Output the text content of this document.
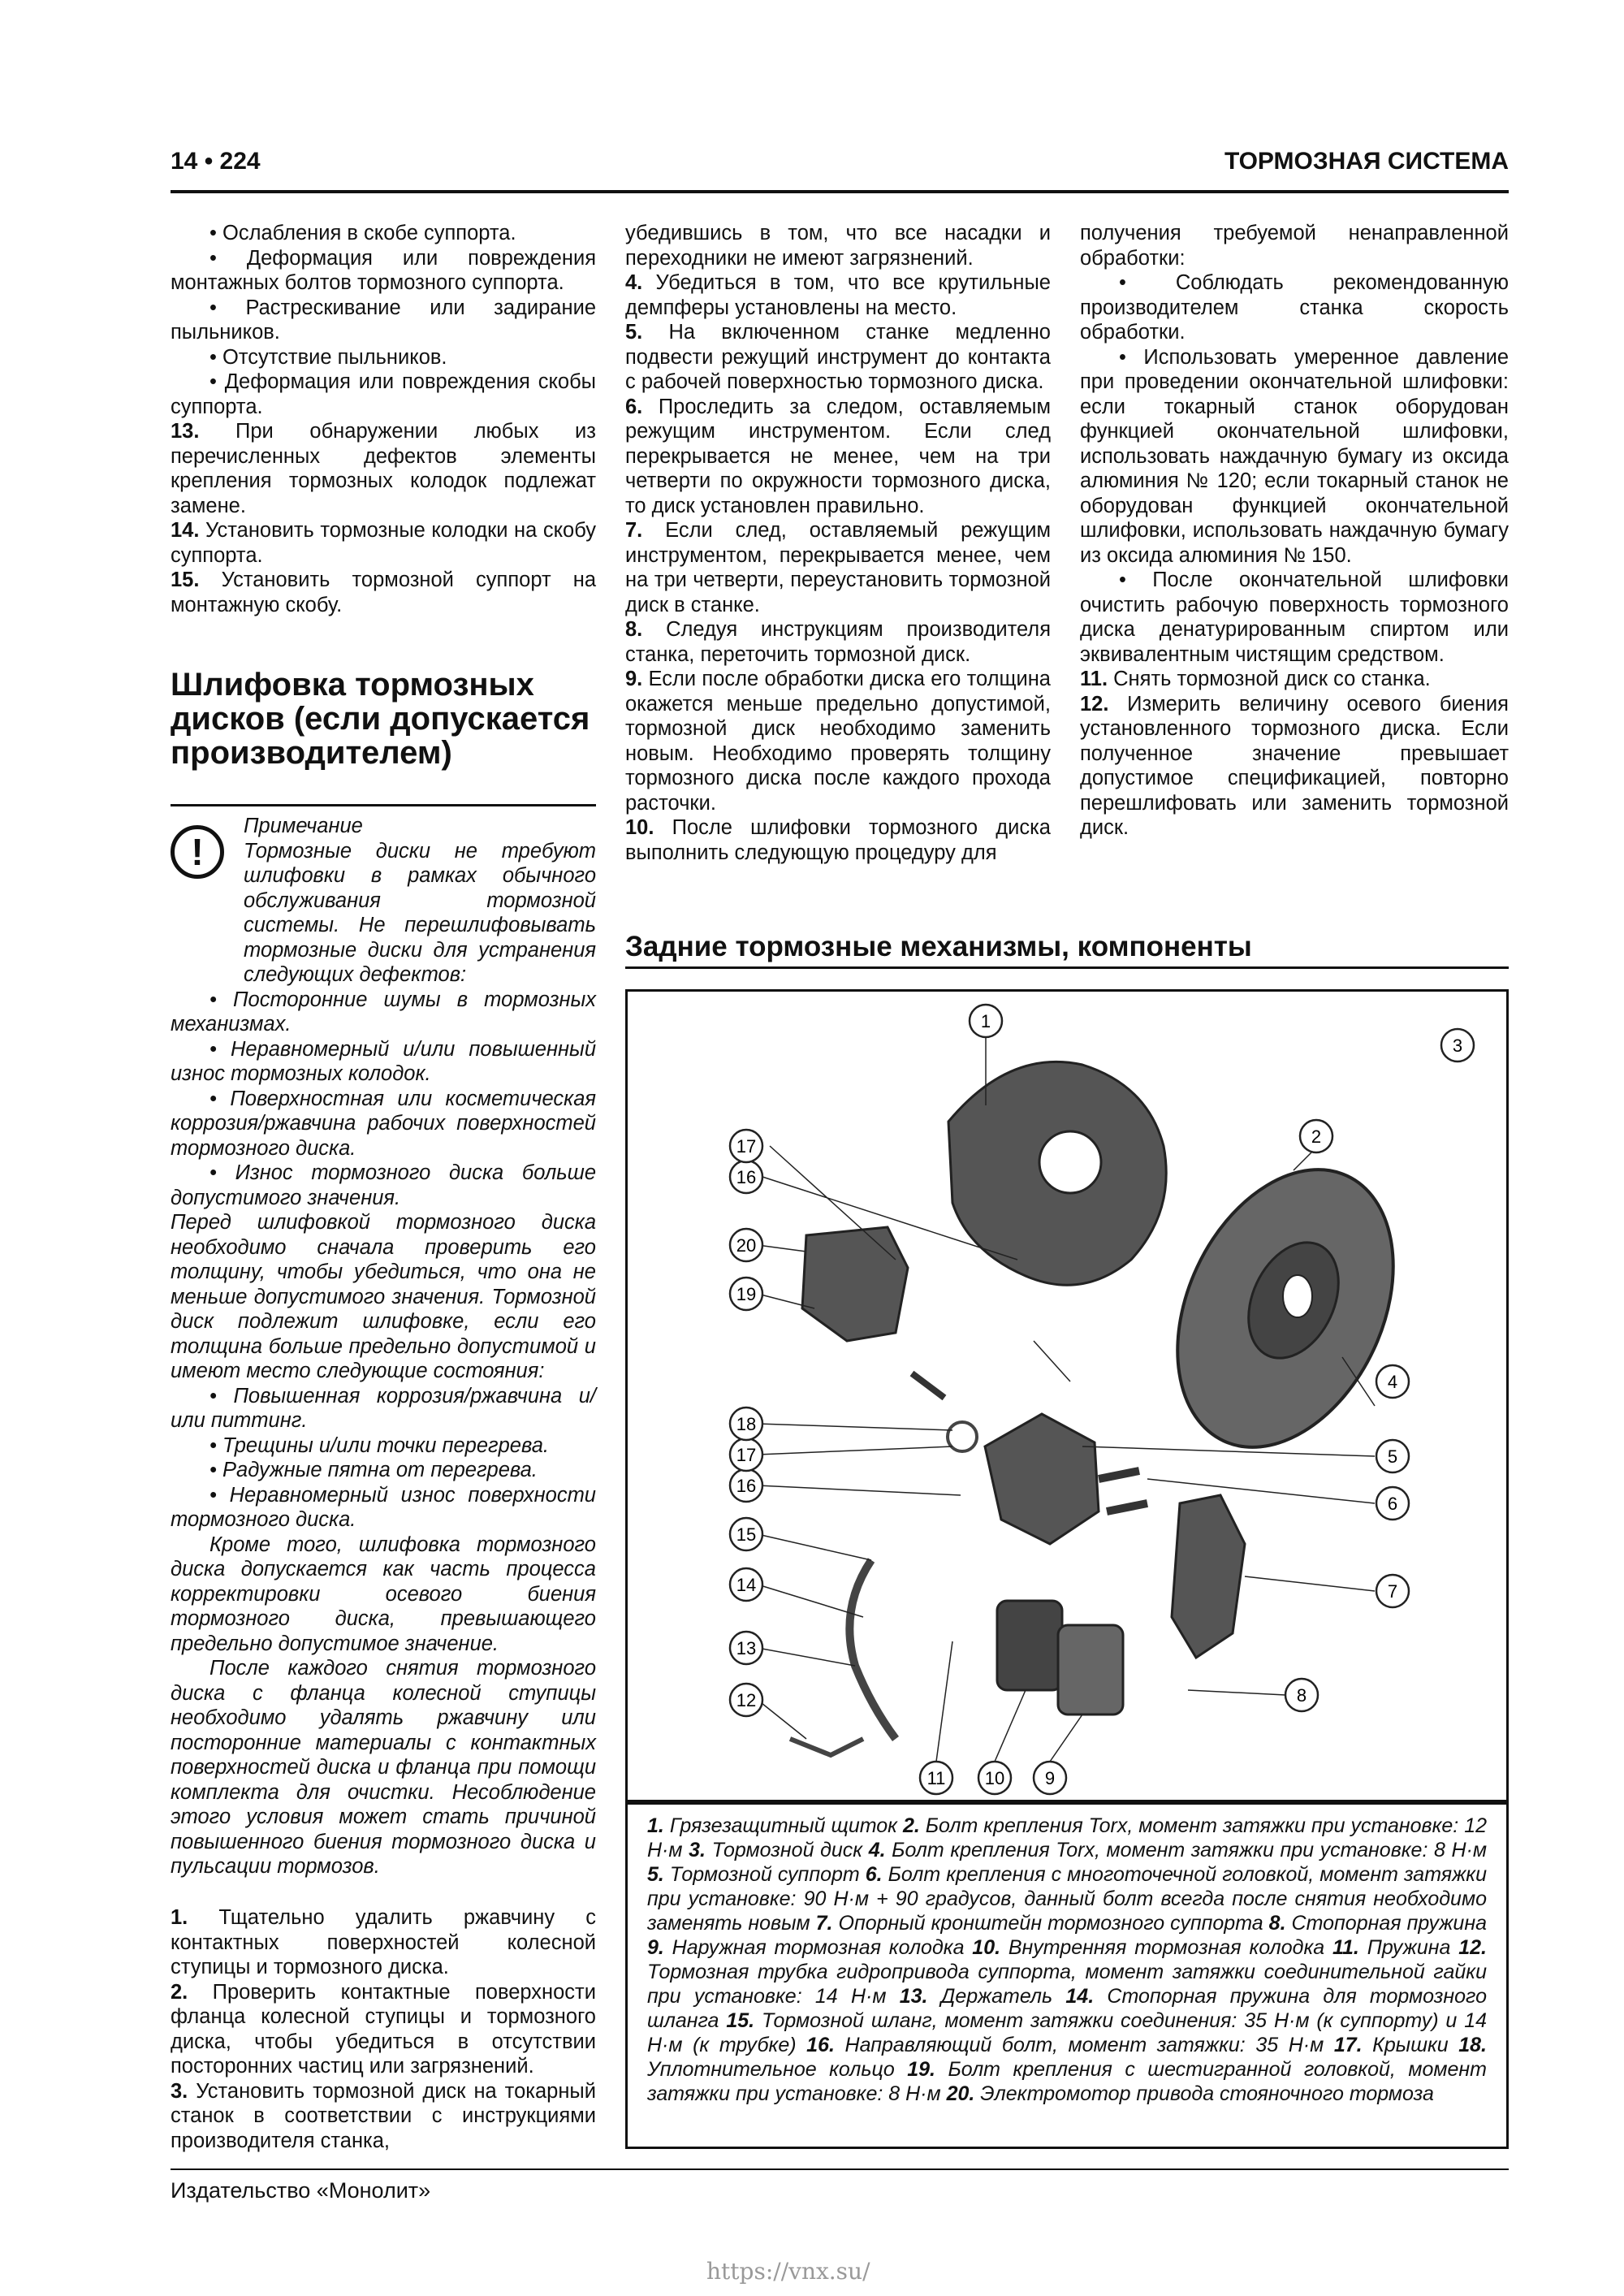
14 • 224	ТОРМОЗНАЯ СИСТЕМА

• Ослабления в скобе суппорта.

• Деформация или повреждения монтажных болтов тормозного суппорта.

• Растрескивание или задирание пыльников.

• Отсутствие пыльников.

• Деформация или повреждения скобы суппорта.

13. При обнаружении любых из перечисленных дефектов элементы крепления тормозных колодок подлежат замене.

14. Установить тормозные колодки на скобу суппорта.

15. Установить тормозной суппорт на монтажную скобу.

Шлифовка тормозных дисков (если допускается производителем)
!

Примечание

Тормозные диски не требуют шлифовки в рамках обычного обслуживания тормозной системы. Не перешлифовывать тормозные диски для устранения следующих дефектов:

• Посторонние шумы в тормозных механизмах.

• Неравномерный и/или повышенный износ тормозных колодок.

• Поверхностная или косметическая коррозия/ржавчина рабочих поверхностей тормозного диска.

• Износ тормозного диска больше допустимого значения.

Перед шлифовкой тормозного диска необходимо сначала проверить его толщину, чтобы убедиться, что она не меньше допустимого значения. Тормозной диск подлежит шлифовке, если его толщина больше предельно допустимой и имеют место следующие состояния:

• Повышенная коррозия/ржавчина и/или питтинг.

• Трещины и/или точки перегрева.

• Радужные пятна от перегрева.

• Неравномерный износ поверхности тормозного диска.

Кроме того, шлифовка тормозного диска допускается как часть процесса корректировки осевого биения тормозного диска, превышающего предельно допустимое значение.

После каждого снятия тормозного диска с фланца колесной ступицы необходимо удалять ржавчину или посторонние материалы с контактных поверхностей диска и фланца при помощи комплекта для очистки. Несоблюдение этого условия может стать причиной повышенного биения тормозного диска и пульсации тормозов.

1. Тщательно удалить ржавчину с контактных поверхностей колесной ступицы и тормозного диска.

2. Проверить контактные поверхности фланца колесной ступицы и тормозного диска, чтобы убедиться в отсутствии посторонних частиц или загрязнений.

3. Установить тормозной диск на токарный станок в соответствии с инструкциями производителя станка,

убедившись в том, что все насадки и переходники не имеют загрязнений.

4. Убедиться в том, что все крутильные демпферы установлены на место.

5. На включенном станке медленно подвести режущий инструмент до контакта с рабочей поверхностью тормозного диска.

6. Проследить за следом, оставляемым режущим инструментом. Если след перекрывается не менее, чем на три четверти по окружности тормозного диска, то диск установлен правильно.

7. Если след, оставляемый режущим инструментом, перекрывается менее, чем на три четверти, переустановить тормозной диск в станке.

8. Следуя инструкциям производителя станка, переточить тормозной диск.

9. Если после обработки диска его толщина окажется меньше предельно допустимой, тормозной диск необходимо заменить новым. Необходимо проверять толщину тормозного диска после каждого прохода расточки.

10. После шлифовки тормозного диска выполнить следующую процедуру для

получения требуемой ненаправленной обработки:

• Соблюдать рекомендованную производителем станка скорость обработки.

• Использовать умеренное давление при проведении окончательной шлифовки: если токарный станок оборудован функцией окончательной шлифовки, использовать наждачную бумагу из оксида алюминия № 120; если токарный станок не оборудован функцией окончательной шлифовки, использовать наждачную бумагу из оксида алюминия № 150.

• После окончательной шлифовки очистить рабочую поверхность тормозного диска денатурированным спиртом или эквивалентным чистящим средством.

11. Снять тормозной диск со станка.

12. Измерить величину осевого биения установленного тормозного диска. Если полученное значение превышает допустимое спецификацией, повторно перешлифовать или заменить тормозной диск.

Задние тормозные механизмы, компоненты
1
2
3
4
5
6
7
8
9
10
11
12
13
14
15
16
17
18
19
20
16
17
1. Грязезащитный щиток 2. Болт крепления Torx, момент затяжки при установке: 12 Н·м 3. Тормозной диск 4. Болт крепления Torx, момент затяжки при установке: 8 Н·м 5. Тормозной суппорт 6. Болт крепления с многоточечной головкой, момент затяжки при установке: 90 Н·м + 90 градусов, данный болт всегда после снятия необходимо заменять новым 7. Опорный кронштейн тормозного суппорта 8. Стопорная пружина 9. Наружная тормозная колодка 10. Внутренняя тормозная колодка 11. Пружина 12. Тормозная трубка гидропривода суппорта, момент затяжки соединительной гайки при установке: 14 Н·м 13. Держатель 14. Стопорная пружина для тормозного шланга 15. Тормозной шланг, момент затяжки соединения: 35 Н·м (к суппорту) и 14 Н·м (к трубке) 16. Направляющий болт, момент затяжки: 35 Н·м 17. Крышки 18. Уплотнительное кольцо 19. Болт крепления с шестигранной головкой, момент затяжки при установке: 8 Н·м 20. Электромотор привода стояночного тормоза
Издательство «Монолит»
https://vnx.su/
